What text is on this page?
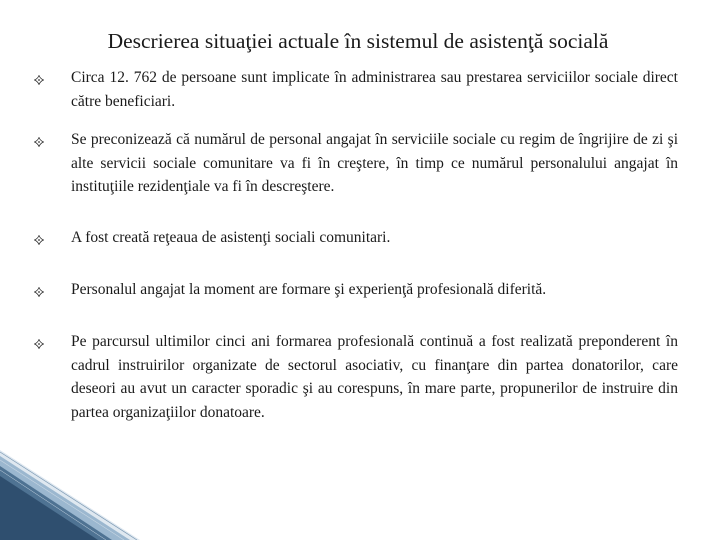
Descrierea situaţiei actuale în sistemul de asistenţă socială
Circa 12. 762 de persoane sunt implicate în administrarea sau prestarea serviciilor sociale direct către beneficiari.
Se preconizează că numărul de personal angajat în serviciile sociale cu regim de îngrijire de zi şi alte servicii sociale comunitare va fi în creştere, în timp ce numărul personalului angajat în instituţiile rezidenţiale va fi în descreştere.
A fost creată reţeaua de asistenţi sociali comunitari.
Personalul angajat la moment are formare şi experienţă profesională diferită.
Pe parcursul ultimilor cinci ani formarea profesională continuă a fost realizată preponderent în cadrul instruirilor organizate de sectorul asociativ, cu finanţare din partea donatorilor, care deseori au avut un caracter sporadic şi au corespuns, în mare parte, propunerilor de instruire din partea organizaţiilor donatoare.
